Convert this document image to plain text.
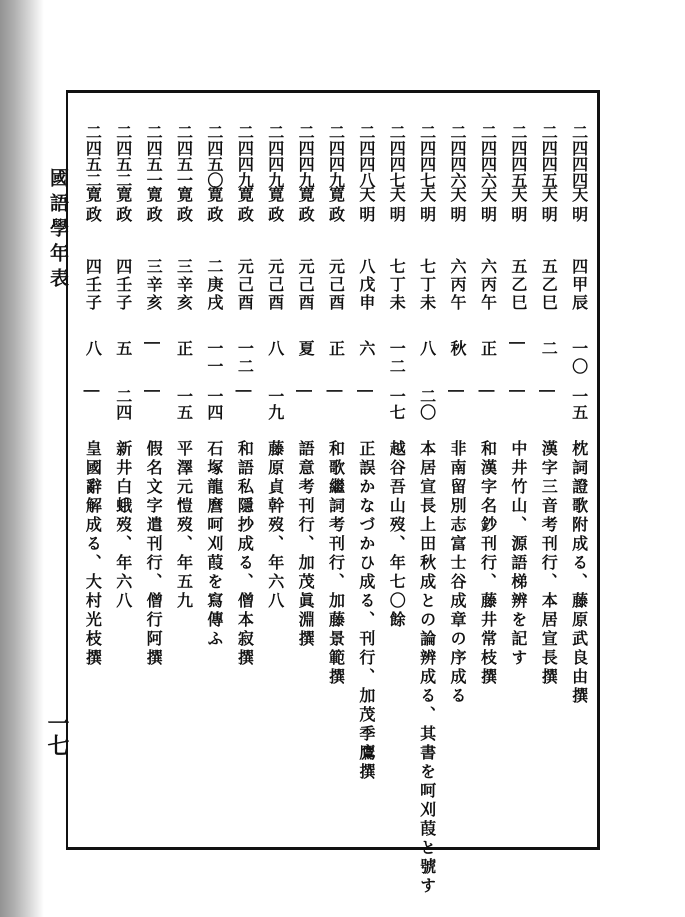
國語學年表
一七
二四四四
天明
四甲辰
一〇
一五
枕詞證歌附成る、藤原武良由撰
二四四五
天明
五乙巳
二
|
漢字三音考刊行、本居宣長撰
二四四五
天明
五乙巳
|
|
中井竹山、源語梯辨を記す
二四四六
天明
六丙午
正
|
和漢字名鈔刊行、藤井常枝撰
二四四六
天明
六丙午
秋
|
非南留別志富士谷成章の序成る
二四四七
天明
七丁未
八
二〇
本居宣長上田秋成との論辨成る、其書を呵刈葭と號す
二四四七
天明
七丁未
一二
一七
越谷吾山歿、年七〇餘
二四四八
天明
八戊申
六
|
正誤かなづかひ成る、刊行、加茂季鷹撰
二四四九
寛政
元己酉
正
|
和歌繼詞考刊行、加藤景範撰
二四四九
寛政
元己酉
夏
|
語意考刊行、加茂眞淵撰
二四四九
寛政
元己酉
八
一九
藤原貞幹歿、年六八
二四四九
寛政
元己酉
一二
|
和語私隱抄成る、僧本寂撰
二四五〇
寛政
二庚戌
一一
一四
石塚龍麿呵刈葭を寫傳ふ
二四五一
寛政
三辛亥
正
一五
平澤元愷歿、年五九
二四五一
寛政
三辛亥
|
|
假名文字遣刊行、僧行阿撰
二四五二
寛政
四壬子
五
二四
新井白蛾歿、年六八
二四五二
寛政
四壬子
八
|
皇國辭解成る、大村光枝撰
